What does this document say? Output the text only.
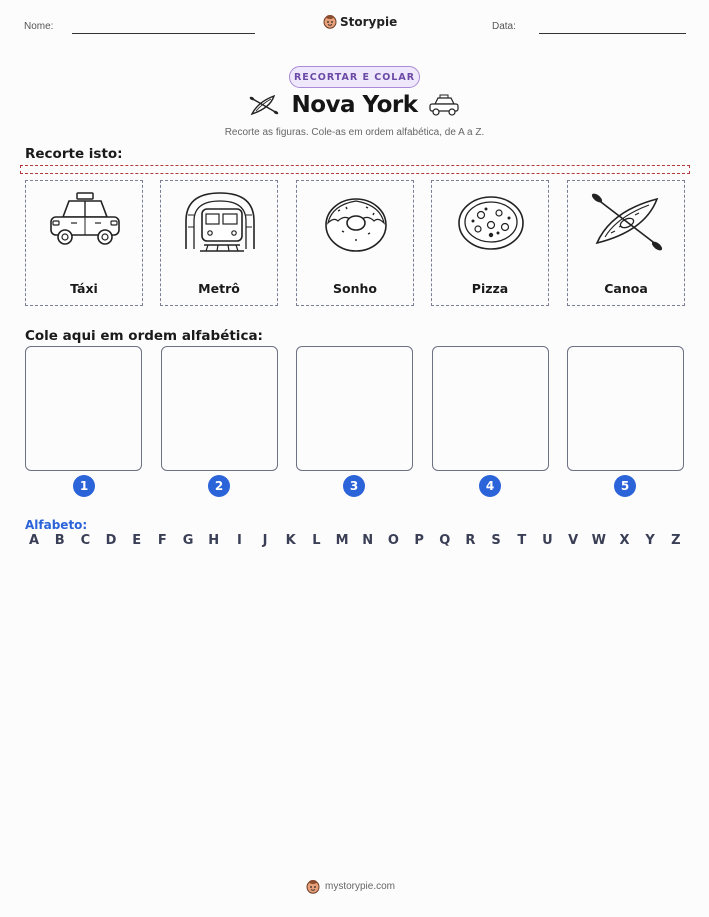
Nome:	Storypie	Data:
RECORTAR E COLAR
Nova York
Recorte as figuras. Cole-as em ordem alfabética, de A a Z.
Recorte isto:
Táxi	Metrô	Sonho	Pizza	Canoa
Cole aqui em ordem alfabética:
1	2	3	4	5
Alfabeto:
A	B	C	D	E	F	G H	I	J	K	L	M N O	P	Q	R	S	T	U	V	W	X	Y	Z
mystorypie.com
